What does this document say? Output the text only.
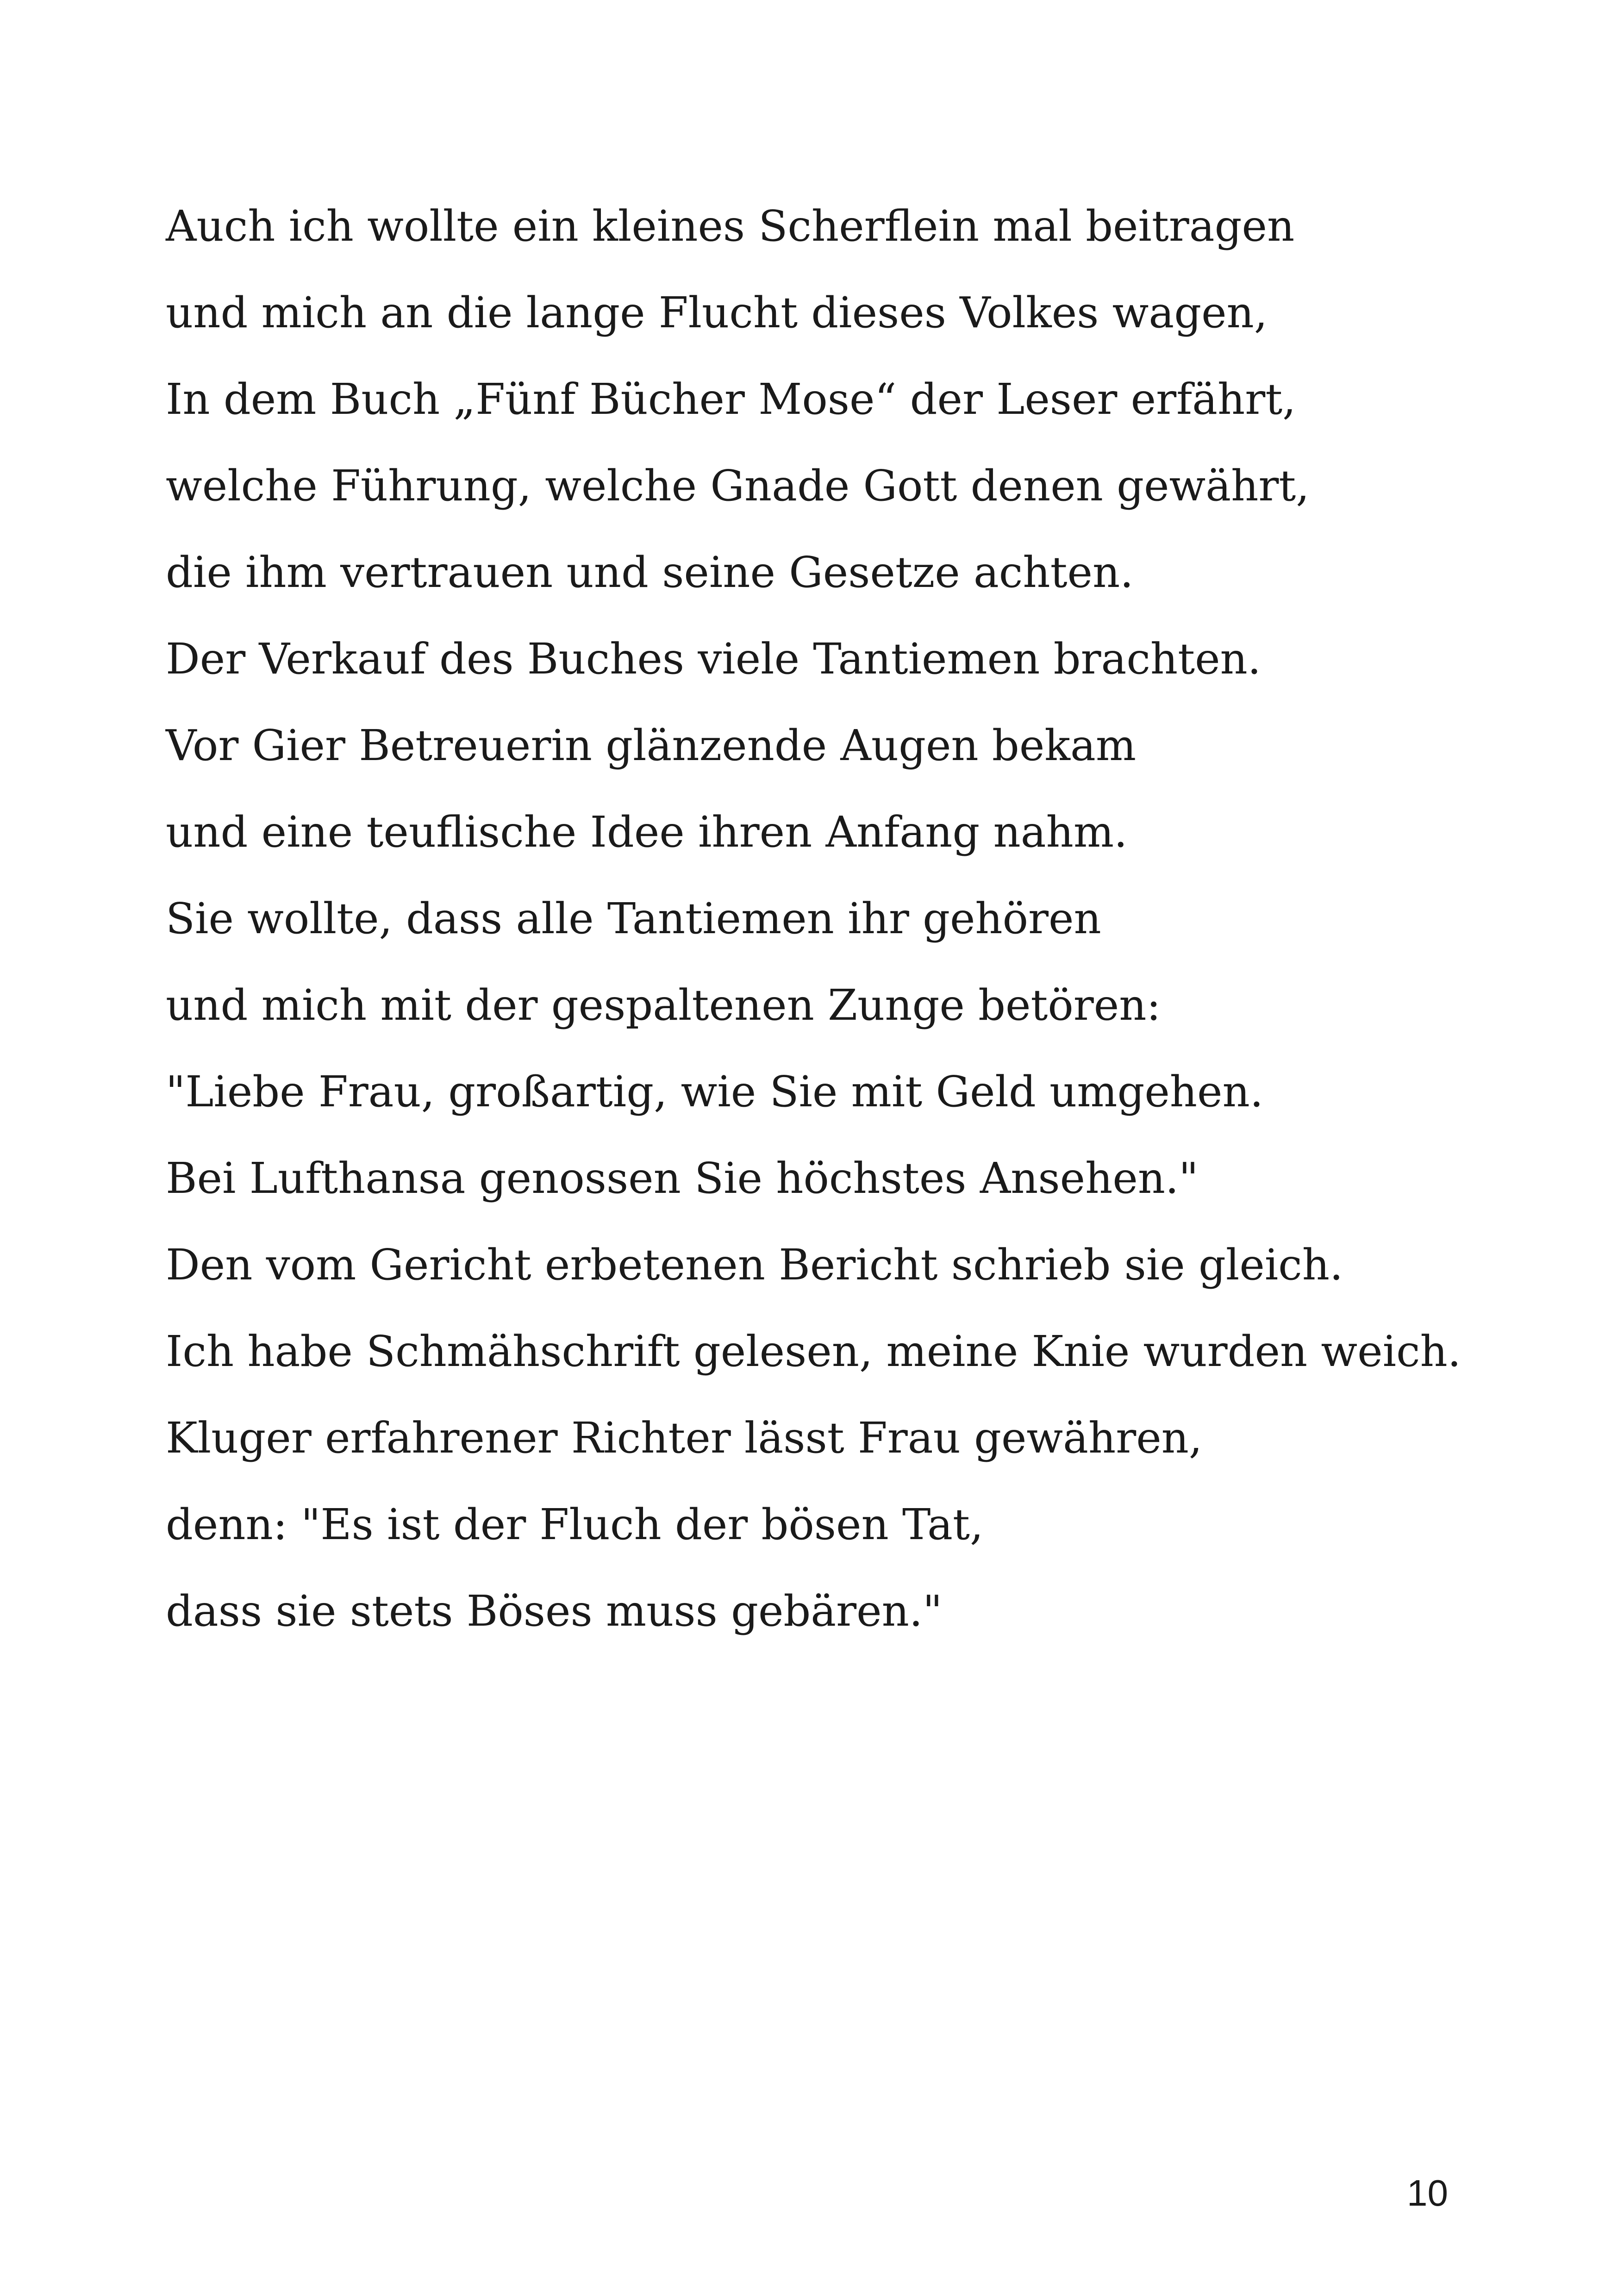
Auch ich wollte ein kleines Scherflein mal beitragen
und mich an die lange Flucht dieses Volkes wagen,
In dem Buch „Fünf Bücher Mose“ der Leser erfährt,
welche Führung, welche Gnade Gott denen gewährt,
die ihm vertrauen und seine Gesetze achten.
Der Verkauf des Buches viele Tantiemen brachten.
Vor Gier Betreuerin glänzende Augen bekam
und eine teuflische Idee ihren Anfang nahm.
Sie wollte, dass alle Tantiemen ihr gehören
und mich mit der gespaltenen Zunge betören:
"Liebe Frau, großartig, wie Sie mit Geld umgehen.
Bei Lufthansa genossen Sie höchstes Ansehen."
Den vom Gericht erbetenen Bericht schrieb sie gleich.
Ich habe Schmähschrift gelesen, meine Knie wurden weich.
Kluger erfahrener Richter lässt Frau gewähren,
denn: "Es ist der Fluch der bösen Tat,
dass sie stets Böses muss gebären."
10
